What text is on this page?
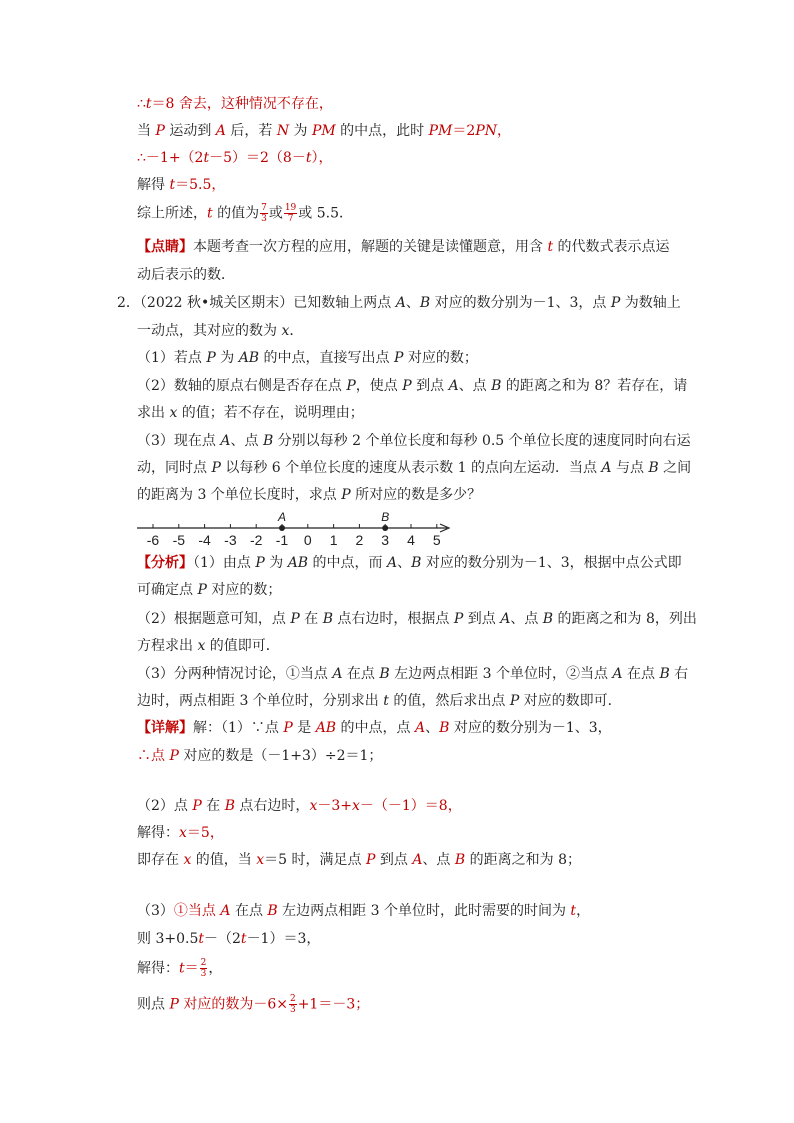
∴t＝8 舍去，这种情况不存在，
当 P 运动到 A 后，若 N 为 PM 的中点，此时 PM＝2PN，
∴－1+（2t－5）＝2（8－t），
解得 t＝5.5，
综上所述，t 的值为 $\frac{7}{3}$ 或 $\frac{19}{7}$ 或 5.5．
【点睛】本题考查一次方程的应用，解题的关键是读懂题意，用含 t 的代数式表示点运
动后表示的数．
2．（2022 秋•城关区期末）已知数轴上两点 A、B 对应的数分别为－1、3，点 P 为数轴上
一动点，其对应的数为 x．
（1）若点 P 为 AB 的中点，直接写出点 P 对应的数；
（2）数轴的原点右侧是否存在点 P，使点 P 到点 A、点 B 的距离之和为 8？若存在，请
求出 x 的值；若不存在，说明理由；
（3）现在点 A、点 B 分别以每秒 2 个单位长度和每秒 0.5 个单位长度的速度同时向右运
动，同时点 P 以每秒 6 个单位长度的速度从表示数 1 的点向左运动．当点 A 与点 B 之间
的距离为 3 个单位长度时，求点 P 所对应的数是多少？
-6 -5 -4 -3 -2 -1 0 1 2 3 4 5
A	B
【分析】（1）由点 P 为 AB 的中点，而 A、B 对应的数分别为－1、3，根据中点公式即
可确定点 P 对应的数；
（2）根据题意可知，点 P 在 B 点右边时，根据点 P 到点 A、点 B 的距离之和为 8，列出
方程求出 x 的值即可．
（3）分两种情况讨论，①当点 A 在点 B 左边两点相距 3 个单位时，②当点 A 在点 B 右
边时，两点相距 3 个单位时，分别求出 t 的值，然后求出点 P 对应的数即可．
【详解】解：（1）∵点 P 是 AB 的中点，点 A、B 对应的数分别为－1、3，
∴点 P 对应的数是（－1+3）÷2＝1；
（2）点 P 在 B 点右边时，x－3+x－（－1）＝8，
解得：x＝5，
即存在 x 的值，当 x＝5 时，满足点 P 到点 A、点 B 的距离之和为 8；
（3）①当点 A 在点 B 左边两点相距 3 个单位时，此时需要的时间为 t，
则 3+0.5t－（2t－1）＝3，
解得：$t= \frac{2}{3}$ ，
则点 P 对应的数为$-6\times \frac{2}{3} +1=-3$；
